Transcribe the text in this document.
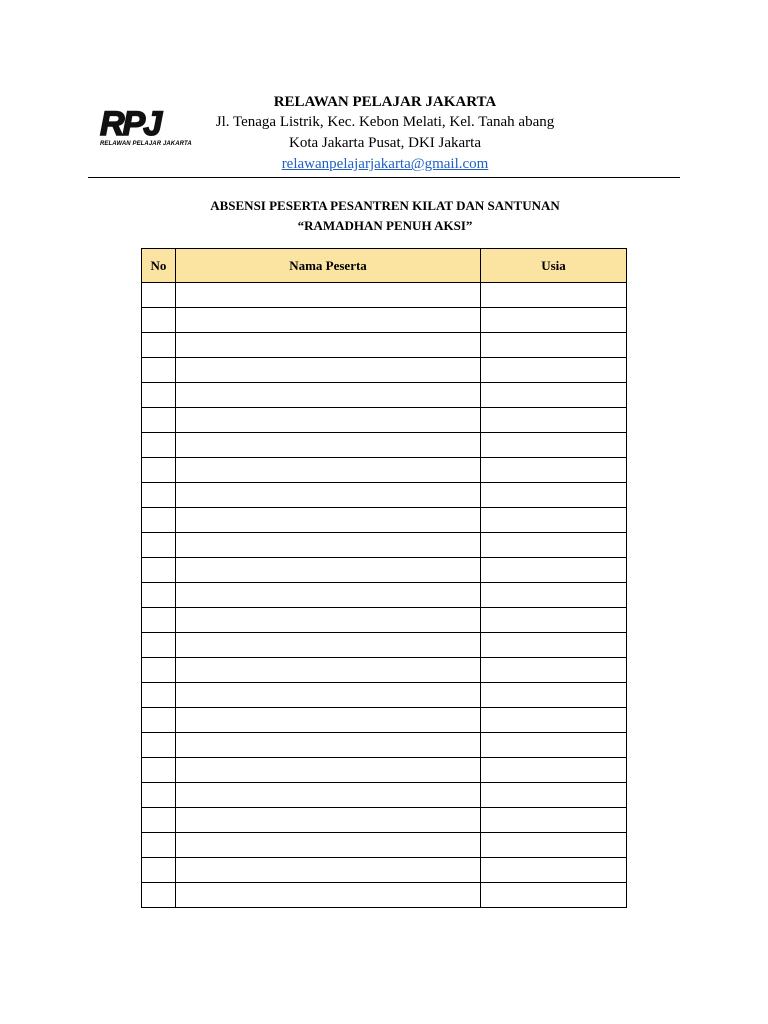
RPJ
RELAWAN PELAJAR JAKARTA
RELAWAN PELAJAR JAKARTA
Jl. Tenaga Listrik, Kec. Kebon Melati, Kel. Tanah abang
Kota Jakarta Pusat, DKI Jakarta
relawanpelajarjakarta@gmail.com
ABSENSI PESERTA PESANTREN KILAT DAN SANTUNAN
“RAMADHAN PENUH AKSI”
No	Nama Peserta	Usia
